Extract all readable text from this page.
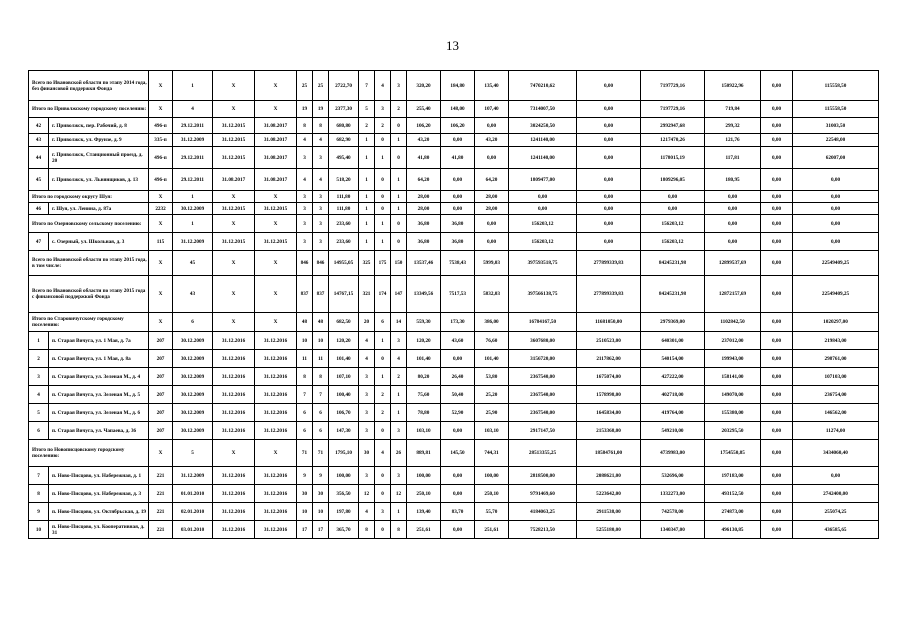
13
Всего по Ивановской области по этапу 2014 года, без финансовой поддержки Фонда		Х	1	Х	Х	25	25	2722,70	7	4	3	320,20	184,80	135,40	7470210,62	0,00	7197729,16	150922,96	0,00	115558,50
Итого по Приволжскому городскому поселению:		Х	4	Х	Х	19	19	2377,30	5	3	2	255,40	148,00	107,40	7314007,50	0,00	7197729,16	719,84	0,00	115558,50
42	г. Приволжск, пер. Рабочий, д. 8	496-п	29.12.2011	31.12.2015	31.08.2017	8	8	680,80	2	2	0	106,20	106,20	0,00	3024250,50	0,00	2992947,68	299,32	0,00	31003,50
43	г. Приволжск, ул. Фрунзе, д. 9	335-п	31.12.2009	31.12.2015	31.08.2017	4	4	682,90	1	0	1	43,20	0,00	43,20	1241140,00	0,00	1217470,26	121,76	0,00	22548,00
44	г. Приволжск, Станционный проезд, д. 20	496-п	29.12.2011	31.12.2015	31.08.2017	3	3	495,40	1	1	0	41,80	41,80	0,00	1241140,00	0,00	1178015,19	117,81	0,00	62007,00
45	г. Приволжск, ул. Льнянщиков, д. 13	496-п	29.12.2011	31.08.2017	31.08.2017	4	4	518,20	1	0	1	64,20	0,00	64,20	1809477,00	0,00	1809296,05	180,95	0,00	0,00
Итого по городскому округу Шуя:		Х	1	Х	Х	3	3	111,80	1	0	1	28,00	0,00	28,00	0,00	0,00	0,00	0,00	0,00	0,00
46	г. Шуя, ул. Ленина, д. 87а	2232	30.12.2009	31.12.2015	31.12.2015	3	3	111,80	1	0	1	28,00	0,00	28,00	0,00	0,00	0,00	0,00	0,00	0,00
Итого по Озерновскому сельскому поселению:		Х	1	Х	Х	3	3	233,60	1	1	0	36,80	36,80	0,00	156203,12	0,00	156203,12	0,00	0,00	0,00
47	с. Озерный, ул. Школьная, д. 3	115	31.12.2009	31.12.2015	31.12.2015	3	3	233,60	1	1	0	36,80	36,80	0,00	156203,12	0,00	156203,12	0,00	0,00	0,00
Всего по Ивановской области по этапу 2015 года, в том числе:		Х	45	Х	Х	846	846	14955,05	325	175	150	13537,46	7538,43	5999,03	397593518,75	277899339,83	84245231,98	12899537,69	0,00	22549409,25
Всего по Ивановской области по этапу 2015 года с финансовой поддержкой Фонда		Х	43	Х	Х	837	837	14767,15	321	174	147	13349,56	7517,53	5832,03	397566138,75	277899339,83	84245231,98	12872157,69	0,00	22549409,25
Итого по Старовичугскому городскому поселению:		Х	6	Х	Х	48	48	682,50	20	6	14	559,30	173,30	386,00	16784167,50	11681050,00	2979369,00	1102842,50	0,00	1020297,00
1	п. Старая Вичуга, ул. 1 Мая, д. 7а	207	30.12.2009	31.12.2016	31.12.2016	10	10	120,20	4	1	3	120,20	43,60	76,60	3607680,00	2510523,00	640301,00	237012,00	0,00	219843,00
2	п. Старая Вичуга, ул. 1 Мая, д. 8а	207	30.12.2009	31.12.2016	31.12.2016	11	11	101,40	4	0	4	101,40	0,00	101,40	3156720,00	2117862,00	540154,00	199943,00	0,00	298761,00
3	п. Старая Вичуга, ул. Зеленая М., д. 4	207	30.12.2009	31.12.2016	31.12.2016	8	8	107,10	3	1	2	80,20	26,40	53,80	2367540,00	1675074,00	427222,00	158141,00	0,00	107103,00
4	п. Старая Вичуга, ул. Зеленая М., д. 5	207	30.12.2009	31.12.2016	31.12.2016	7	7	100,40	3	2	1	75,60	50,40	25,20	2367540,00	1578998,00	402718,00	149070,00	0,00	236754,00
5	п. Старая Вичуга, ул. Зеленая М., д. 6	207	30.12.2009	31.12.2016	31.12.2016	6	6	106,70	3	2	1	78,80	52,90	25,90	2367540,00	1645834,00	419764,00	155380,00	0,00	146562,00
6	п. Старая Вичуга, ул. Чапаева, д. 36	207	30.12.2009	31.12.2016	31.12.2016	6	6	147,30	3	0	3	103,10	0,00	103,10	2917147,50	2153368,00	549210,00	203295,50	0,00	11274,00
Итого по Новописцовскому городскому поселению:		Х	5	Х	Х	71	71	1795,10	30	4	26	889,81	145,50	744,31	28513355,25	18584761,00	4739983,00	1754550,85	0,00	3434060,40
7	п. Ново-Писцово, ул. Набережная, д. 1	221	31.12.2009	31.12.2016	31.12.2016	9	9	100,00	3	0	3	100,00	0,00	100,00	2818500,00	2088621,00	532696,00	197183,00	0,00	0,00
8	п. Ново-Писцово, ул. Набережная, д. 3	221	01.01.2010	31.12.2016	31.12.2016	30	30	356,50	12	0	12	250,10	0,00	250,10	9791469,60	5223642,00	1332273,00	493152,50	0,00	2742400,00
9	п. Ново-Писцово, ул. Октябрьская, д. 19	221	02.01.2010	31.12.2016	31.12.2016	10	10	197,80	4	3	1	139,40	83,70	55,70	4184063,25	2911538,00	742578,00	274873,00	0,00	255074,25
10	п. Ново-Писцово, ул. Кооперативная, д. 31	221	03.01.2010	31.12.2016	31.12.2016	17	17	365,70	8	0	8	251,61	0,00	251,61	7528213,50	5255180,00	1340347,00	496130,85	0,00	436585,65
